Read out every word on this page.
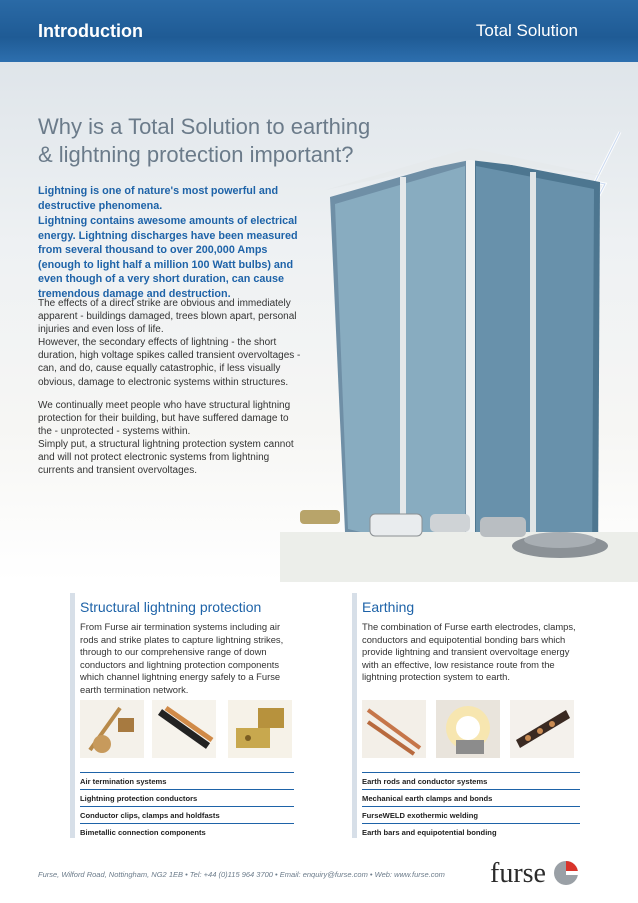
Introduction	Total Solution
Why is a Total Solution to earthing
& lightning protection important?
Lightning is one of nature's most powerful and destructive phenomena.
Lightning contains awesome amounts of electrical energy. Lightning discharges have been measured from several thousand to over 200,000 Amps (enough to light half a million 100 Watt bulbs) and even though of a very short duration, can cause tremendous damage and destruction.
The effects of a direct strike are obvious and immediately apparent - buildings damaged, trees blown apart, personal injuries and even loss of life.
However, the secondary effects of lightning - the short duration, high voltage spikes called transient overvoltages - can, and do, cause equally catastrophic, if less visually obvious, damage to electronic systems within structures.
We continually meet people who have structural lightning protection for their building, but have suffered damage to the - unprotected - systems within.
Simply put, a structural lightning protection system cannot and will not protect electronic systems from lightning currents and transient overvoltages.
Structural lightning protection
From Furse air termination systems including air rods and strike plates to capture lightning strikes, through to our comprehensive range of down conductors and lightning protection components which channel lightning energy safely to a Furse earth termination network.
Air termination systems
Lightning protection conductors
Conductor clips, clamps and holdfasts
Bimetallic connection components
Earthing
The combination of Furse earth electrodes, clamps, conductors and equipotential bonding bars which provide lightning and transient overvoltage energy with an effective, low resistance route from the lightning protection system to earth.
Earth rods and conductor systems
Mechanical earth clamps and bonds
FurseWELD exothermic welding
Earth bars and equipotential bonding
Furse, Wilford Road, Nottingham, NG2 1EB • Tel: +44 (0)115 964 3700 • Email: enquiry@furse.com • Web: www.furse.com furse
